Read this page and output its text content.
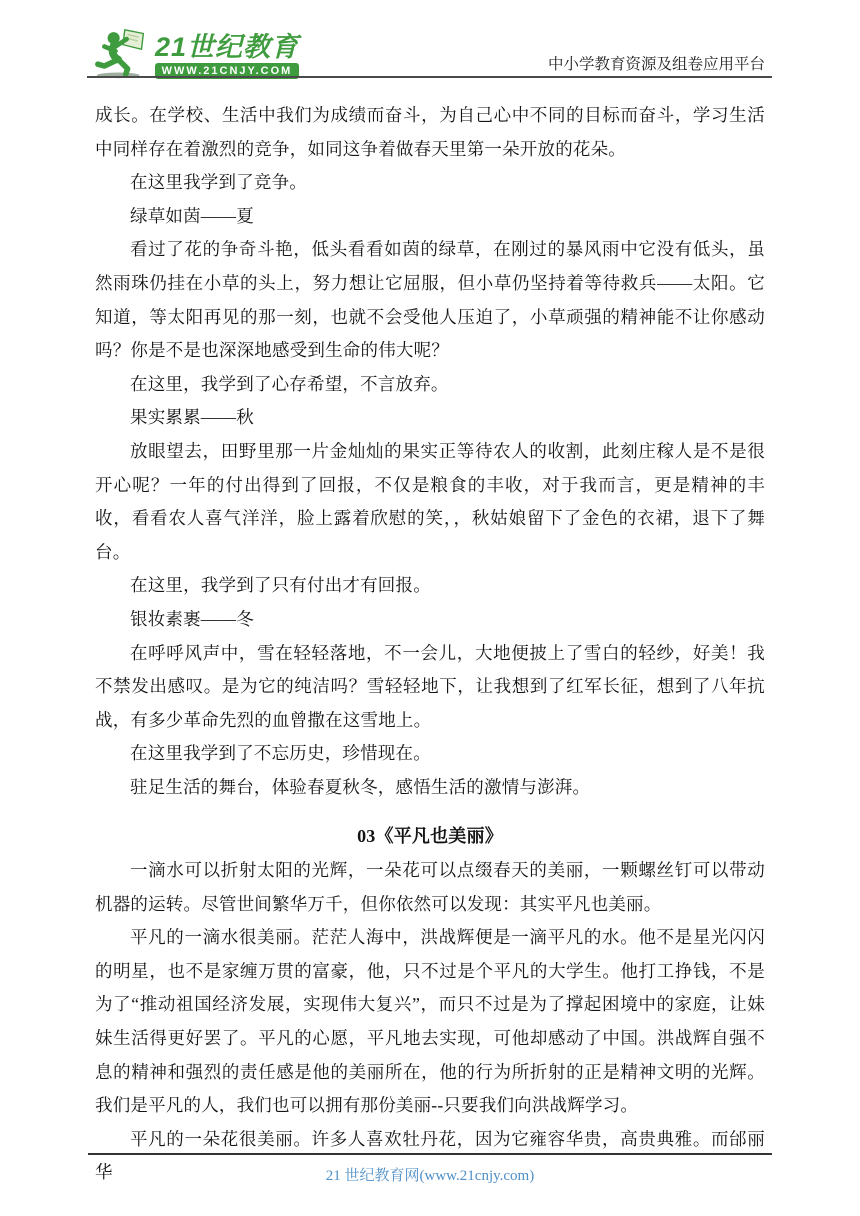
21世纪教育
WWW.21CNJY.COM	中小学教育资源及组卷应用平台

成长。在学校、生活中我们为成绩而奋斗，为自己心中不同的目标而奋斗，学习生活中同样存在着激烈的竞争，如同这争着做春天里第一朵开放的花朵。

在这里我学到了竞争。

绿草如茵——夏

看过了花的争奇斗艳，低头看看如茵的绿草，在刚过的暴风雨中它没有低头，虽然雨珠仍挂在小草的头上，努力想让它屈服，但小草仍坚持着等待救兵——太阳。它知道，等太阳再见的那一刻，也就不会受他人压迫了，小草顽强的精神能不让你感动吗？你是不是也深深地感受到生命的伟大呢？

在这里，我学到了心存希望，不言放弃。

果实累累——秋

放眼望去，田野里那一片金灿灿的果实正等待农人的收割，此刻庄稼人是不是很开心呢？一年的付出得到了回报，不仅是粮食的丰收，对于我而言，更是精神的丰收，看看农人喜气洋洋，脸上露着欣慰的笑，，秋姑娘留下了金色的衣裙，退下了舞台。

在这里，我学到了只有付出才有回报。

银妆素裹——冬

在呼呼风声中，雪在轻轻落地，不一会儿，大地便披上了雪白的轻纱，好美！我不禁发出感叹。是为它的纯洁吗？雪轻轻地下，让我想到了红军长征，想到了八年抗战，有多少革命先烈的血曾撒在这雪地上。

在这里我学到了不忘历史，珍惜现在。

驻足生活的舞台，体验春夏秋冬，感悟生活的激情与澎湃。

03《平凡也美丽》

一滴水可以折射太阳的光辉，一朵花可以点缀春天的美丽，一颗螺丝钉可以带动机器的运转。尽管世间繁华万千，但你依然可以发现：其实平凡也美丽。

平凡的一滴水很美丽。茫茫人海中，洪战辉便是一滴平凡的水。他不是星光闪闪的明星，也不是家缠万贯的富豪，他，只不过是个平凡的大学生。他打工挣钱，不是为了“推动祖国经济发展，实现伟大复兴”，而只不过是为了撑起困境中的家庭，让妹妹生活得更好罢了。平凡的心愿，平凡地去实现，可他却感动了中国。洪战辉自强不息的精神和强烈的责任感是他的美丽所在，他的行为所折射的正是精神文明的光辉。我们是平凡的人，我们也可以拥有那份美丽--只要我们向洪战辉学习。

平凡的一朵花很美丽。许多人喜欢牡丹花，因为它雍容华贵，高贵典雅。而邰丽华	21 世纪教育网(www.21cnjy.com)
